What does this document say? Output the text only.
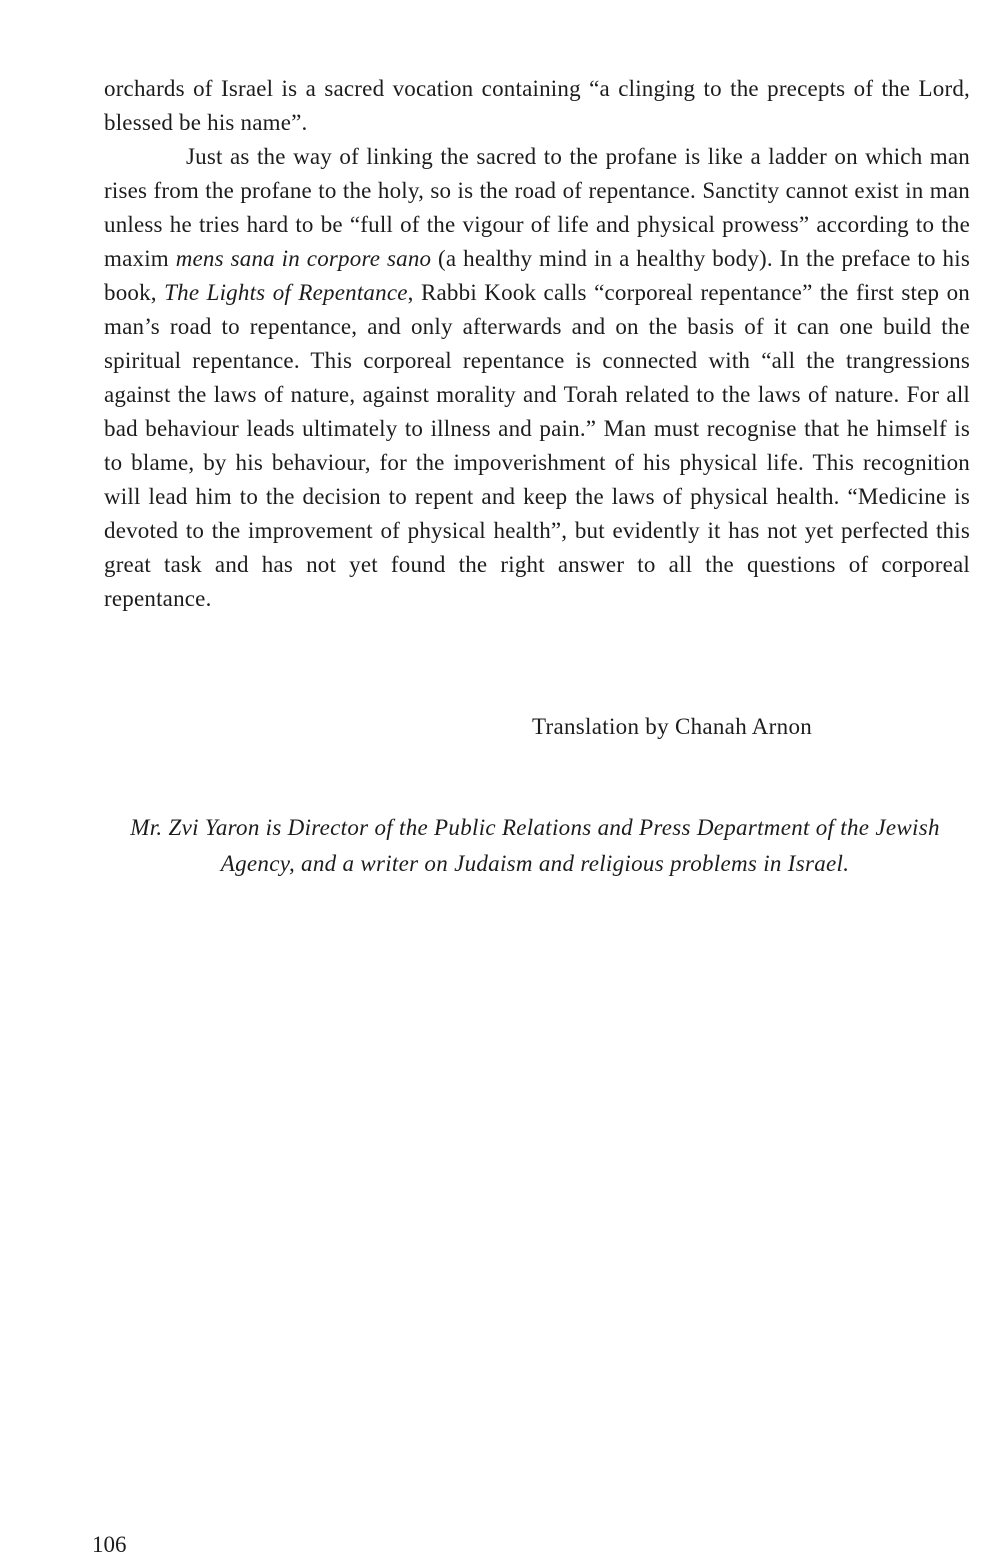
orchards of Israel is a sacred vocation containing “a clinging to the precepts of the Lord, blessed be his name”.

Just as the way of linking the sacred to the profane is like a ladder on which man rises from the profane to the holy, so is the road of repentance. Sanctity cannot exist in man unless he tries hard to be “full of the vigour of life and physical prowess” according to the maxim mens sana in corpore sano (a healthy mind in a healthy body). In the preface to his book, The Lights of Repentance, Rabbi Kook calls “corporeal repentance” the first step on man’s road to repentance, and only afterwards and on the basis of it can one build the spiritual repentance. This corporeal repentance is connected with “all the trangressions against the laws of nature, against morality and Torah related to the laws of nature. For all bad behaviour leads ultimately to illness and pain.” Man must recognise that he himself is to blame, by his behaviour, for the impoverishment of his physical life. This recognition will lead him to the decision to repent and keep the laws of physical health. “Medicine is devoted to the improvement of physical health”, but evidently it has not yet perfected this great task and has not yet found the right answer to all the questions of corporeal repentance.

Translation by Chanah Arnon
Mr. Zvi Yaron is Director of the Public Relations and Press Department of the Jewish Agency, and a writer on Judaism and religious problems in Israel.
106
